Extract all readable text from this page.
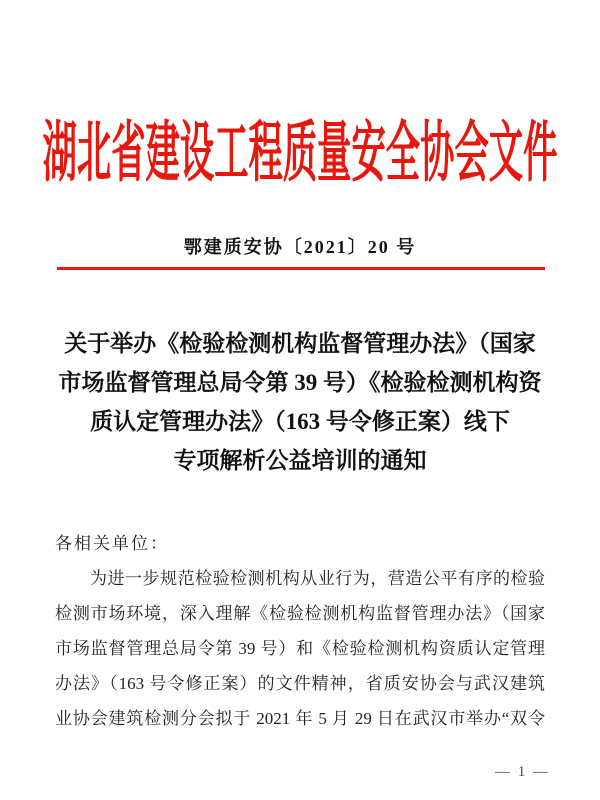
湖北省建设工程质量安全协会文件
鄂建质安协〔2021〕20 号
关于举办《检验检测机构监督管理办法》（国家
市场监督管理总局令第 39 号）《检验检测机构资
质认定管理办法》（163 号令修正案）线下
专项解析公益培训的通知
各相关单位：
为进一步规范检验检测机构从业行为，营造公平有序的检验
检测市场环境，深入理解《检验检测机构监督管理办法》（国家
市场监督管理总局令第 39 号）和《检验检测机构资质认定管理
办法》（163 号令修正案）的文件精神，省质安协会与武汉建筑
业协会建筑检测分会拟于 2021 年 5 月 29 日在武汉市举办“双令
— 1 —
